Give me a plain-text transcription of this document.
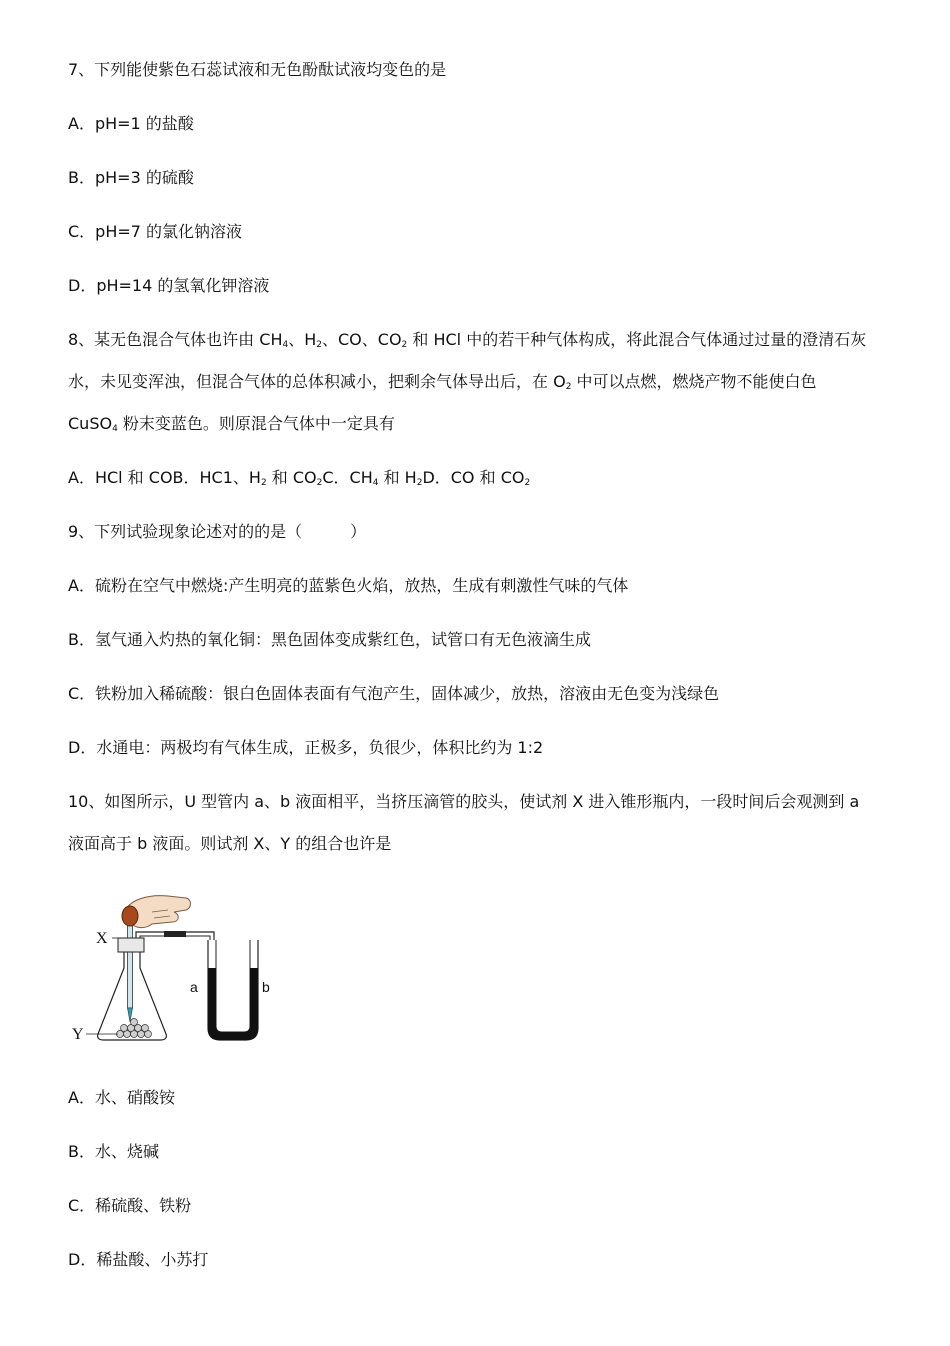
7、下列能使紫色石蕊试液和无色酚酞试液均变色的是
A．pH=1 的盐酸
B．pH=3 的硫酸
C．pH=7 的氯化钠溶液
D．pH=14 的氢氧化钾溶液
8、某无色混合气体也许由 $CH_4$、$H_2$、CO、$CO_2$ 和 HCl 中的若干种气体构成，将此混合气体通过过量的澄清石灰
水，未见变浑浊，但混合气体的总体积减小，把剩余气体导出后，在 $O_2$ 中可以点燃，燃烧产物不能使白色
CuSO$_4$ 粉末变蓝色。则原混合气体中一定具有
A．HCl 和 COB．HC1、$H_2$ 和 $CO_2C$．$CH_4$ 和 $H_2D$．CO 和 $CO_2$
9、下列试验现象论述对的的是（　　　）
A．硫粉在空气中燃烧:产生明亮的蓝紫色火焰，放热，生成有刺激性气味的气体
B．氢气通入灼热的氧化铜：黑色固体变成紫红色，试管口有无色液滴生成
C．铁粉加入稀硫酸：银白色固体表面有气泡产生，固体减少，放热，溶液由无色变为浅绿色
D．水通电：两极均有气体生成，正极多，负很少，体积比约为 1:2
10、如图所示，U 型管内 a、b 液面相平，当挤压滴管的胶头，使试剂 X 进入锥形瓶内，一段时间后会观测到 a
液面高于 b 液面。则试剂 X、Y 的组合也许是
X
Y
a	b
A．水、硝酸铵
B．水、烧碱
C．稀硫酸、铁粉
D．稀盐酸、小苏打
